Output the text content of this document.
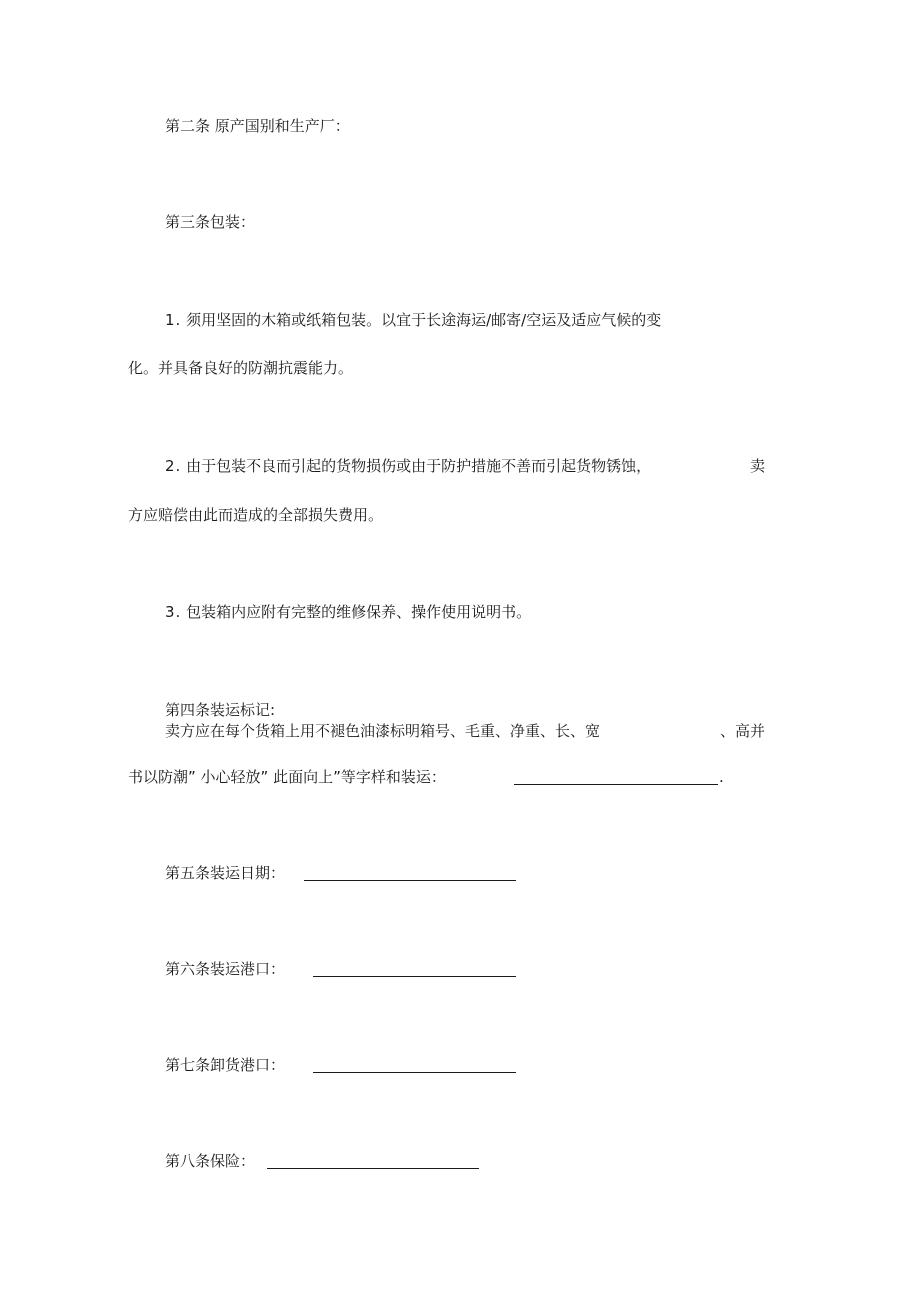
第二条 原产国别和生产厂：
第三条包装：
1. 须用坚固的木箱或纸箱包装。以宜于长途海运/邮寄/空运及适应气候的变
化。并具备良好的防潮抗震能力。
2. 由于包装不良而引起的货物损伤或由于防护措施不善而引起货物锈蚀，	卖
方应赔偿由此而造成的全部损失费用。
3. 包装箱内应附有完整的维修保养、操作使用说明书。
第四条装运标记:
卖方应在每个货箱上用不褪色油漆标明箱号、毛重、净重、长、宽	、高并
书以防潮” 小心轻放” 此面向上”等字样和装运：	.
第五条装运日期：
第六条装运港口：
第七条卸货港口：
第八条保险：
